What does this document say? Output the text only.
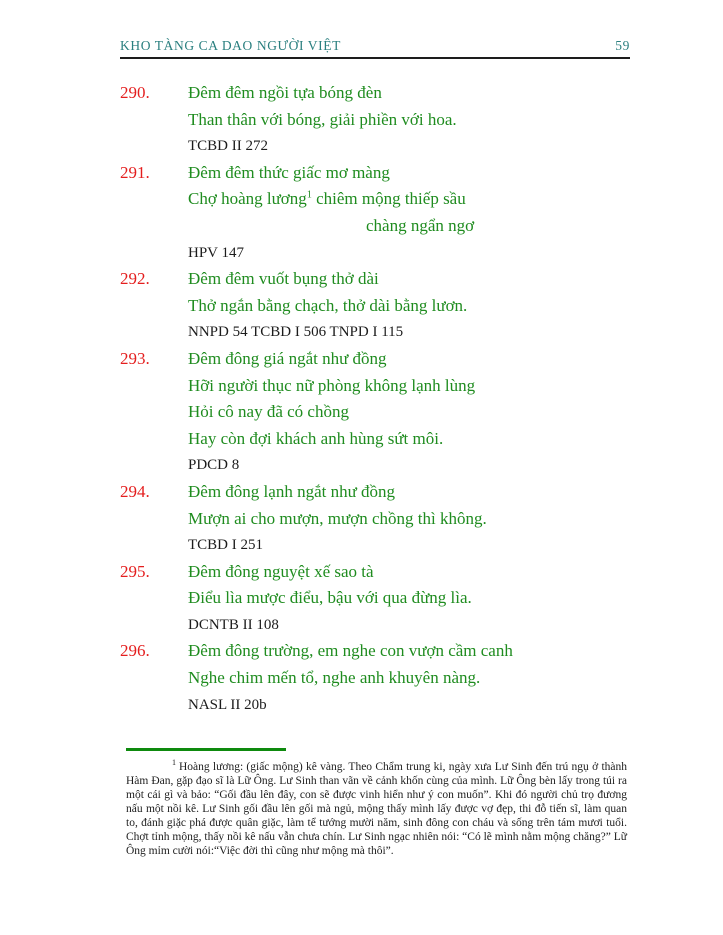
KHO TÀNG CA DAO NGƯỜI VIỆT	59
290.	Đêm đêm ngồi tựa bóng đèn
Than thân với bóng, giải phiền với hoa.
TCBD II 272
291.	Đêm đêm thức giấc mơ màng
Chợ hoàng lương$^1$ chiêm mộng thiếp sầu
chàng ngẩn ngơ
HPV 147
292.	Đêm đêm vuốt bụng thở dài
Thở ngắn bằng chạch, thở dài bằng lươn.
NNPD 54 TCBD I 506 TNPD I 115
293.	Đêm đông giá ngắt như đồng
Hỡi người thục nữ phòng không lạnh lùng
Hỏi cô nay đã có chồng
Hay còn đợi khách anh hùng sứt môi.
PDCD 8
294.	Đêm đông lạnh ngắt như đồng
Mượn ai cho mượn, mượn chồng thì không.
TCBD I 251
295.	Đêm đông nguyệt xế sao tà
Điểu lìa mược điểu, bậu với qua đừng lìa.
DCNTB II 108
296.	Đêm đông trường, em nghe con vượn cầm canh
Nghe chim mến tổ, nghe anh khuyên nàng.
NASL II 20b

$^1$ Hoàng lương: (giấc mộng) kê vàng. Theo Chẩm trung ki, ngày xưa Lư Sinh đến trú ngụ ở thành Hàm Đan, gặp đạo sĩ là Lữ Ông. Lư Sinh than vãn về cảnh khốn cùng của mình. Lữ Ông bèn lấy trong túi ra một cái gì và bảo: “Gối đầu lên đây, con sẽ được vinh hiển như ý con muốn”. Khi đó người chủ trọ đương nấu một nồi kê. Lư Sinh gối đầu lên gối mà ngủ, mộng thấy mình lấy được vợ đẹp, thi đỗ tiến sĩ, làm quan to, đánh giặc phá được quân giặc, làm tể tướng mười năm, sinh đông con cháu và sống trên tám mươi tuổi. Chợt tỉnh mộng, thấy nồi kê nấu vẫn chưa chín. Lư Sinh ngạc nhiên nói: “Có lẽ mình nằm mộng chăng?” Lữ Ông mỉm cười nói:“Việc đời thì cũng như mộng mà thôi”.
